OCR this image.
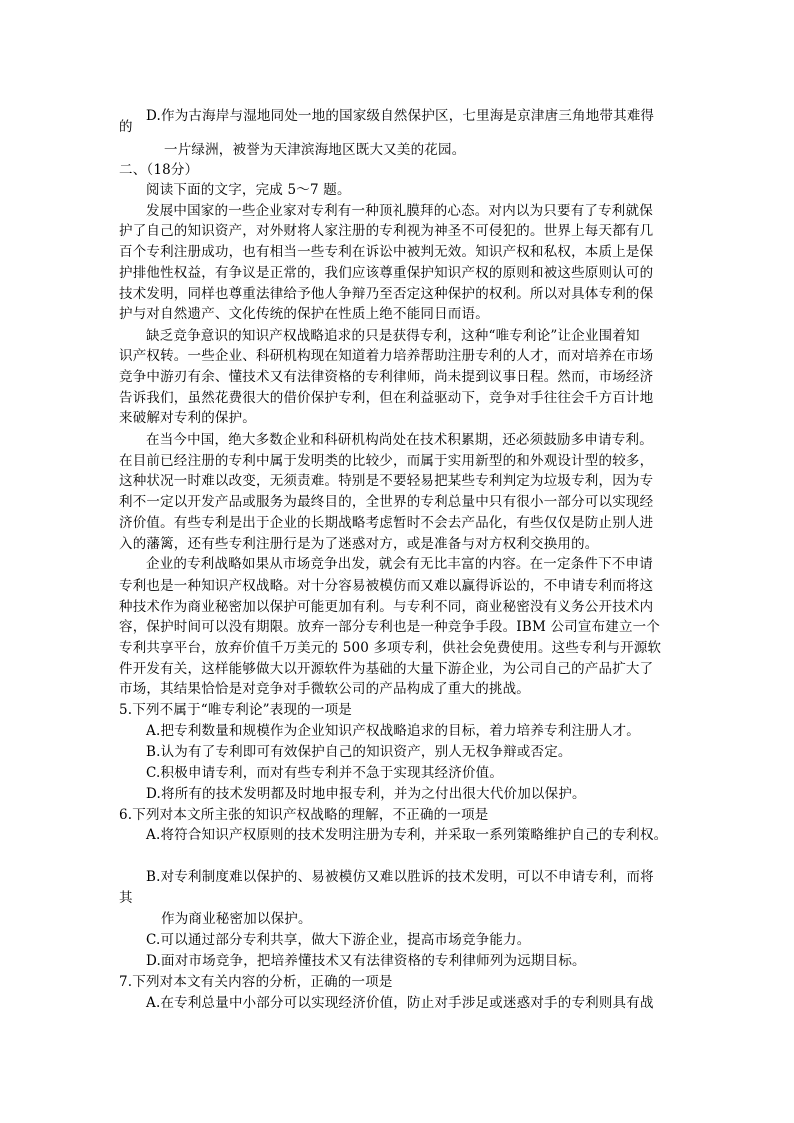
D.作为古海岸与湿地同处一地的国家级自然保护区，七里海是京津唐三角地带其难得
的
一片绿洲，被誉为天津滨海地区既大又美的花园。
二、（18分）
阅读下面的文字，完成 5～7 题。
发展中国家的一些企业家对专利有一种顶礼膜拜的心态。对内以为只要有了专利就保
护了自己的知识资产，对外财将人家注册的专利视为神圣不可侵犯的。世界上每天都有几
百个专利注册成功，也有相当一些专利在诉讼中被判无效。知识产权和私权，本质上是保
护排他性权益，有争议是正常的，我们应该尊重保护知识产权的原则和被这些原则认可的
技术发明，同样也尊重法律给予他人争辩乃至否定这种保护的权利。所以对具体专利的保
护与对自然遗产、文化传统的保护在性质上绝不能同日而语。
缺乏竞争意识的知识产权战略追求的只是获得专利，这种“唯专利论”让企业围着知
识产权转。一些企业、科研机构现在知道着力培养帮助注册专利的人才，而对培养在市场
竞争中游刃有余、懂技术又有法律资格的专利律师，尚未提到议事日程。然而，市场经济
告诉我们，虽然花费很大的借价保护专利，但在利益驱动下，竞争对手往往会千方百计地
来破解对专利的保护。
在当今中国，绝大多数企业和科研机构尚处在技术积累期，还必须鼓励多申请专利。
在目前已经注册的专利中属于发明类的比较少，而属于实用新型的和外观设计型的较多，
这种状况一时难以改变，无须责难。特别是不要轻易把某些专利判定为垃圾专利，因为专
利不一定以开发产品或服务为最终目的，全世界的专利总量中只有很小一部分可以实现经
济价值。有些专利是出于企业的长期战略考虑暂时不会去产品化，有些仅仅是防止别人进
入的藩篱，还有些专利注册行是为了迷惑对方，或是准备与对方权利交换用的。
企业的专利战略如果从市场竞争出发，就会有无比丰富的内容。在一定条件下不申请
专利也是一种知识产权战略。对十分容易被模仿而又难以赢得诉讼的，不申请专利而将这
种技术作为商业秘密加以保护可能更加有利。与专利不同，商业秘密没有义务公开技术内
容，保护时间可以没有期限。放弃一部分专利也是一种竞争手段。IBM 公司宣布建立一个
专利共享平台，放弃价值千万美元的 500 多项专利，供社会免费使用。这些专利与开源软
件开发有关，这样能够做大以开源软件为基础的大量下游企业，为公司自己的产品扩大了
市场，其结果恰恰是对竞争对手微软公司的产品构成了重大的挑战。
5.下列不属于“唯专利论”表现的一项是
A.把专利数量和规模作为企业知识产权战略追求的目标，着力培养专利注册人才。
B.认为有了专利即可有效保护自己的知识资产，别人无权争辩或否定。
C.积极申请专利，而对有些专利并不急于实现其经济价值。
D.将所有的技术发明都及时地申报专利，并为之付出很大代价加以保护。
6.下列对本文所主张的知识产权战略的理解，不正确的一项是
A.将符合知识产权原则的技术发明注册为专利，并采取一系列策略维护自己的专利权。
B.对专利制度难以保护的、易被模仿又难以胜诉的技术发明，可以不申请专利，而将
其
作为商业秘密加以保护。
C.可以通过部分专利共享，做大下游企业，提高市场竞争能力。
D.面对市场竞争，把培养懂技术又有法律资格的专利律师列为远期目标。
7.下列对本文有关内容的分析，正确的一项是
A.在专利总量中小部分可以实现经济价值，防止对手涉足或迷惑对手的专利则具有战
